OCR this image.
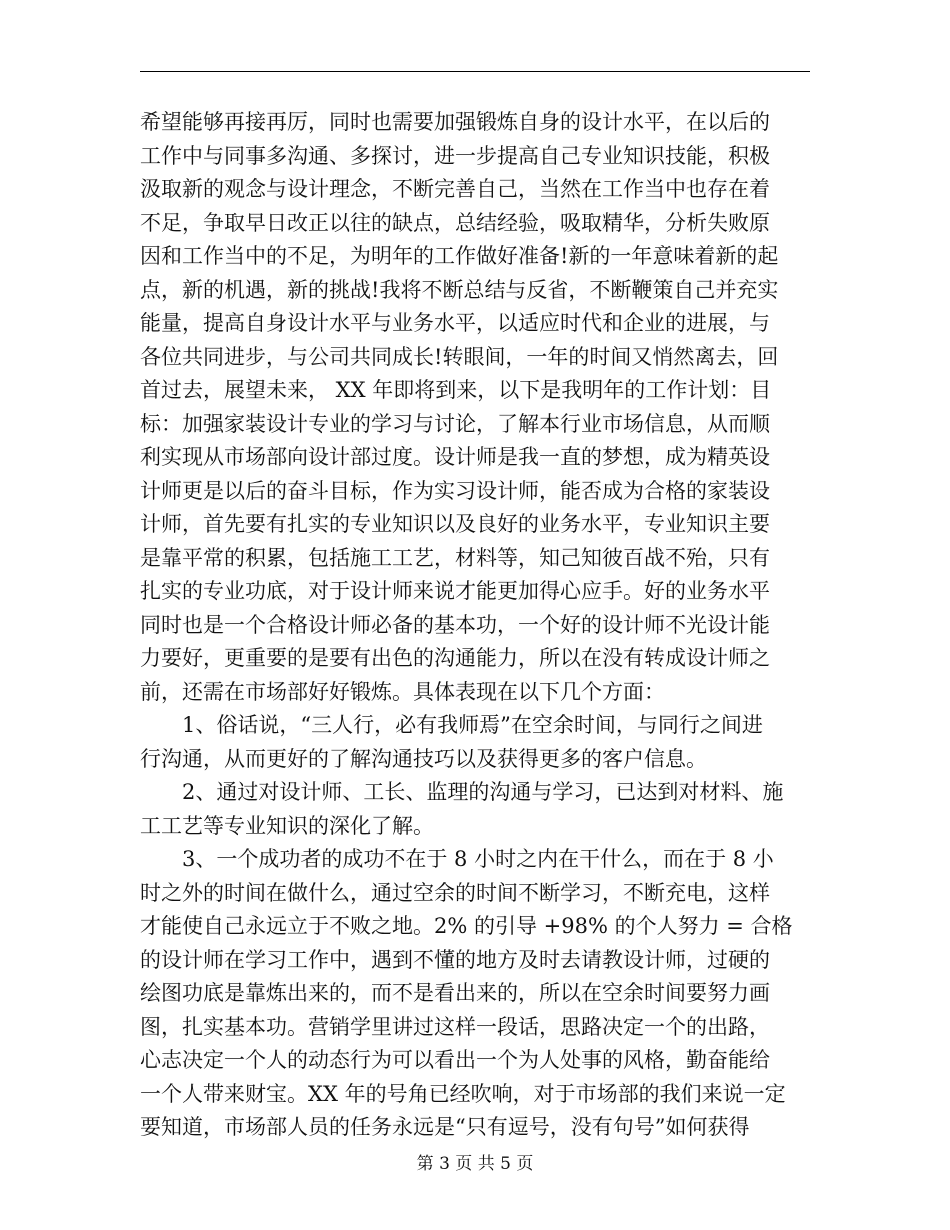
希望能够再接再厉，同时也需要加强锻炼自身的设计水平，在以后的
工作中与同事多沟通、多探讨，进一步提高自己专业知识技能，积极
汲取新的观念与设计理念，不断完善自己，当然在工作当中也存在着
不足，争取早日改正以往的缺点，总结经验，吸取精华，分析失败原
因和工作当中的不足，为明年的工作做好准备!新的一年意味着新的起
点，新的机遇，新的挑战!我将不断总结与反省，不断鞭策自己并充实
能量，提高自身设计水平与业务水平，以适应时代和企业的进展，与
各位共同进步，与公司共同成长!转眼间，一年的时间又悄然离去，回
首过去，展望未来， XX 年即将到来，以下是我明年的工作计划：目
标：加强家装设计专业的学习与讨论，了解本行业市场信息，从而顺
利实现从市场部向设计部过度。设计师是我一直的梦想，成为精英设
计师更是以后的奋斗目标，作为实习设计师，能否成为合格的家装设
计师，首先要有扎实的专业知识以及良好的业务水平，专业知识主要
是靠平常的积累，包括施工工艺，材料等，知己知彼百战不殆，只有
扎实的专业功底，对于设计师来说才能更加得心应手。好的业务水平
同时也是一个合格设计师必备的基本功，一个好的设计师不光设计能
力要好，更重要的是要有出色的沟通能力，所以在没有转成设计师之
前，还需在市场部好好锻炼。具体表现在以下几个方面：
1、俗话说，“三人行，必有我师焉”在空余时间，与同行之间进
行沟通，从而更好的了解沟通技巧以及获得更多的客户信息。
2、通过对设计师、工长、监理的沟通与学习，已达到对材料、施
工工艺等专业知识的深化了解。
3、一个成功者的成功不在于 8 小时之内在干什么，而在于 8 小
时之外的时间在做什么，通过空余的时间不断学习，不断充电，这样
才能使自己永远立于不败之地。2% 的引导 +98% 的个人努力 = 合格
的设计师在学习工作中，遇到不懂的地方及时去请教设计师，过硬的
绘图功底是靠炼出来的，而不是看出来的，所以在空余时间要努力画
图，扎实基本功。营销学里讲过这样一段话，思路决定一个的出路，
心志决定一个人的动态行为可以看出一个为人处事的风格，勤奋能给
一个人带来财宝。XX 年的号角已经吹响，对于市场部的我们来说一定
要知道，市场部人员的任务永远是“只有逗号，没有句号”如何获得
第 3 页 共 5 页
